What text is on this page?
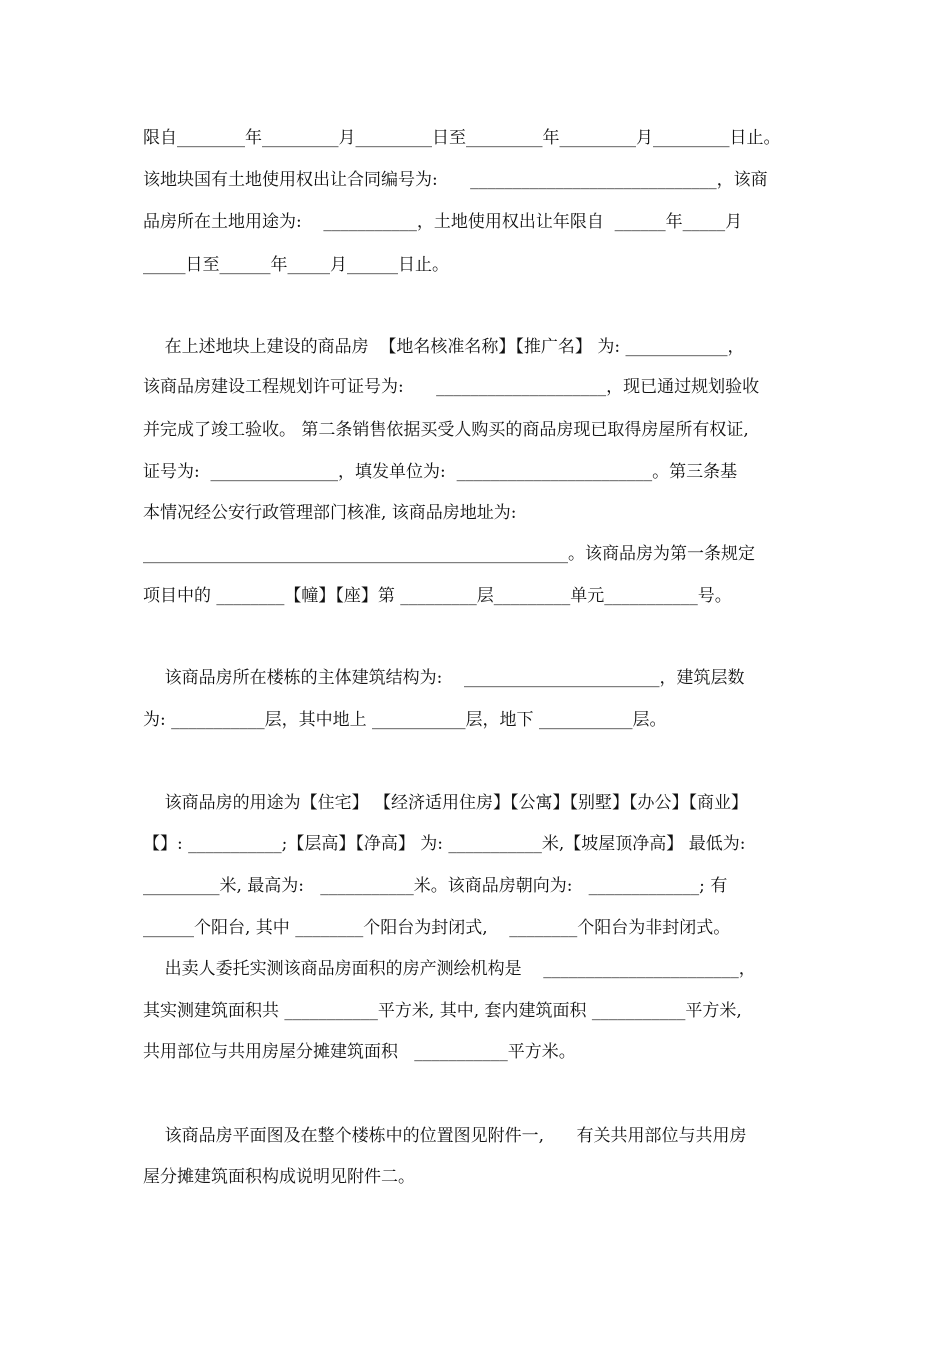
限自________年_________月_________日至_________年_________月_________日止。
该地块国有土地使用权出让合同编号为:      _____________________________，该商
品房所在土地用途为:    ___________，土地使用权出让年限自  ______年_____月
_____日至______年_____月______日止。
在上述地块上建设的商品房  【地名核准名称】【推广名】 为: ____________，
该商品房建设工程规划许可证号为:      ____________________，现已通过规划验收
并完成了竣工验收。 第二条销售依据买受人购买的商品房现已取得房屋所有权证,
证号为:  _______________，填发单位为:  _______________________。第三条基
本情况经公安行政管理部门核准, 该商品房地址为:
__________________________________________________。该商品房为第一条规定
项目中的 ________【幢】【座】第 _________层_________单元___________号。
该商品房所在楼栋的主体建筑结构为:    _______________________，建筑层数
为: ___________层，其中地上 ___________层，地下 ___________层。
该商品房的用途为【住宅】 【经济适用住房】【公寓】【别墅】【办公】【商业】
【】: ___________;【层高】【净高】 为: ___________米,【坡屋顶净高】 最低为:
_________米, 最高为:   ___________米。该商品房朝向为:   _____________; 有
______个阳台, 其中 ________个阳台为封闭式,    ________个阳台为非封闭式。
出卖人委托实测该商品房面积的房产测绘机构是    _______________________，
其实测建筑面积共 ___________平方米, 其中, 套内建筑面积 ___________平方米,
共用部位与共用房屋分摊建筑面积   ___________平方米。
该商品房平面图及在整个楼栋中的位置图见附件一,      有关共用部位与共用房
屋分摊建筑面积构成说明见附件二。
